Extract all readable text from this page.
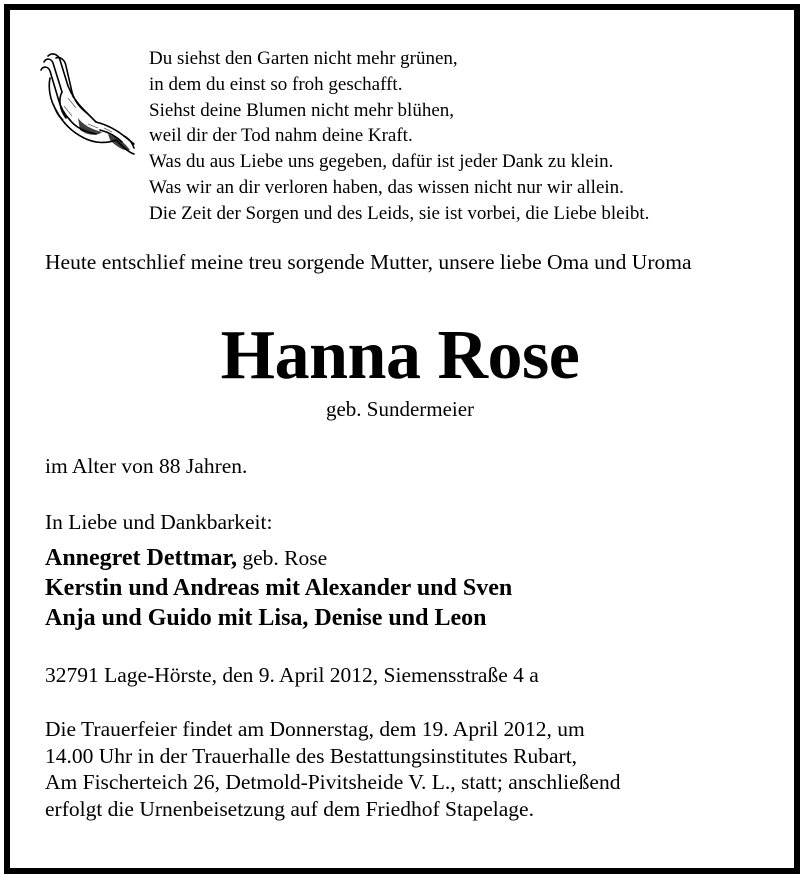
Du siehst den Garten nicht mehr grünen,
in dem du einst so froh geschafft.
Siehst deine Blumen nicht mehr blühen,
weil dir der Tod nahm deine Kraft.
Was du aus Liebe uns gegeben, dafür ist jeder Dank zu klein.
Was wir an dir verloren haben, das wissen nicht nur wir allein.
Die Zeit der Sorgen und des Leids, sie ist vorbei, die Liebe bleibt.
Heute entschlief meine treu sorgende Mutter, unsere liebe Oma und Uroma
Hanna Rose
geb. Sundermeier
im Alter von 88 Jahren.
In Liebe und Dankbarkeit:
Annegret Dettmar, geb. Rose
Kerstin und Andreas mit Alexander und Sven
Anja und Guido mit Lisa, Denise und Leon
32791 Lage-Hörste, den 9. April 2012, Siemensstraße 4 a
Die Trauerfeier findet am Donnerstag, dem 19. April 2012, um
14.00 Uhr in der Trauerhalle des Bestattungsinstitutes Rubart,
Am Fischerteich 26, Detmold-Pivitsheide V. L., statt; anschließend
erfolgt die Urnenbeisetzung auf dem Friedhof Stapelage.
